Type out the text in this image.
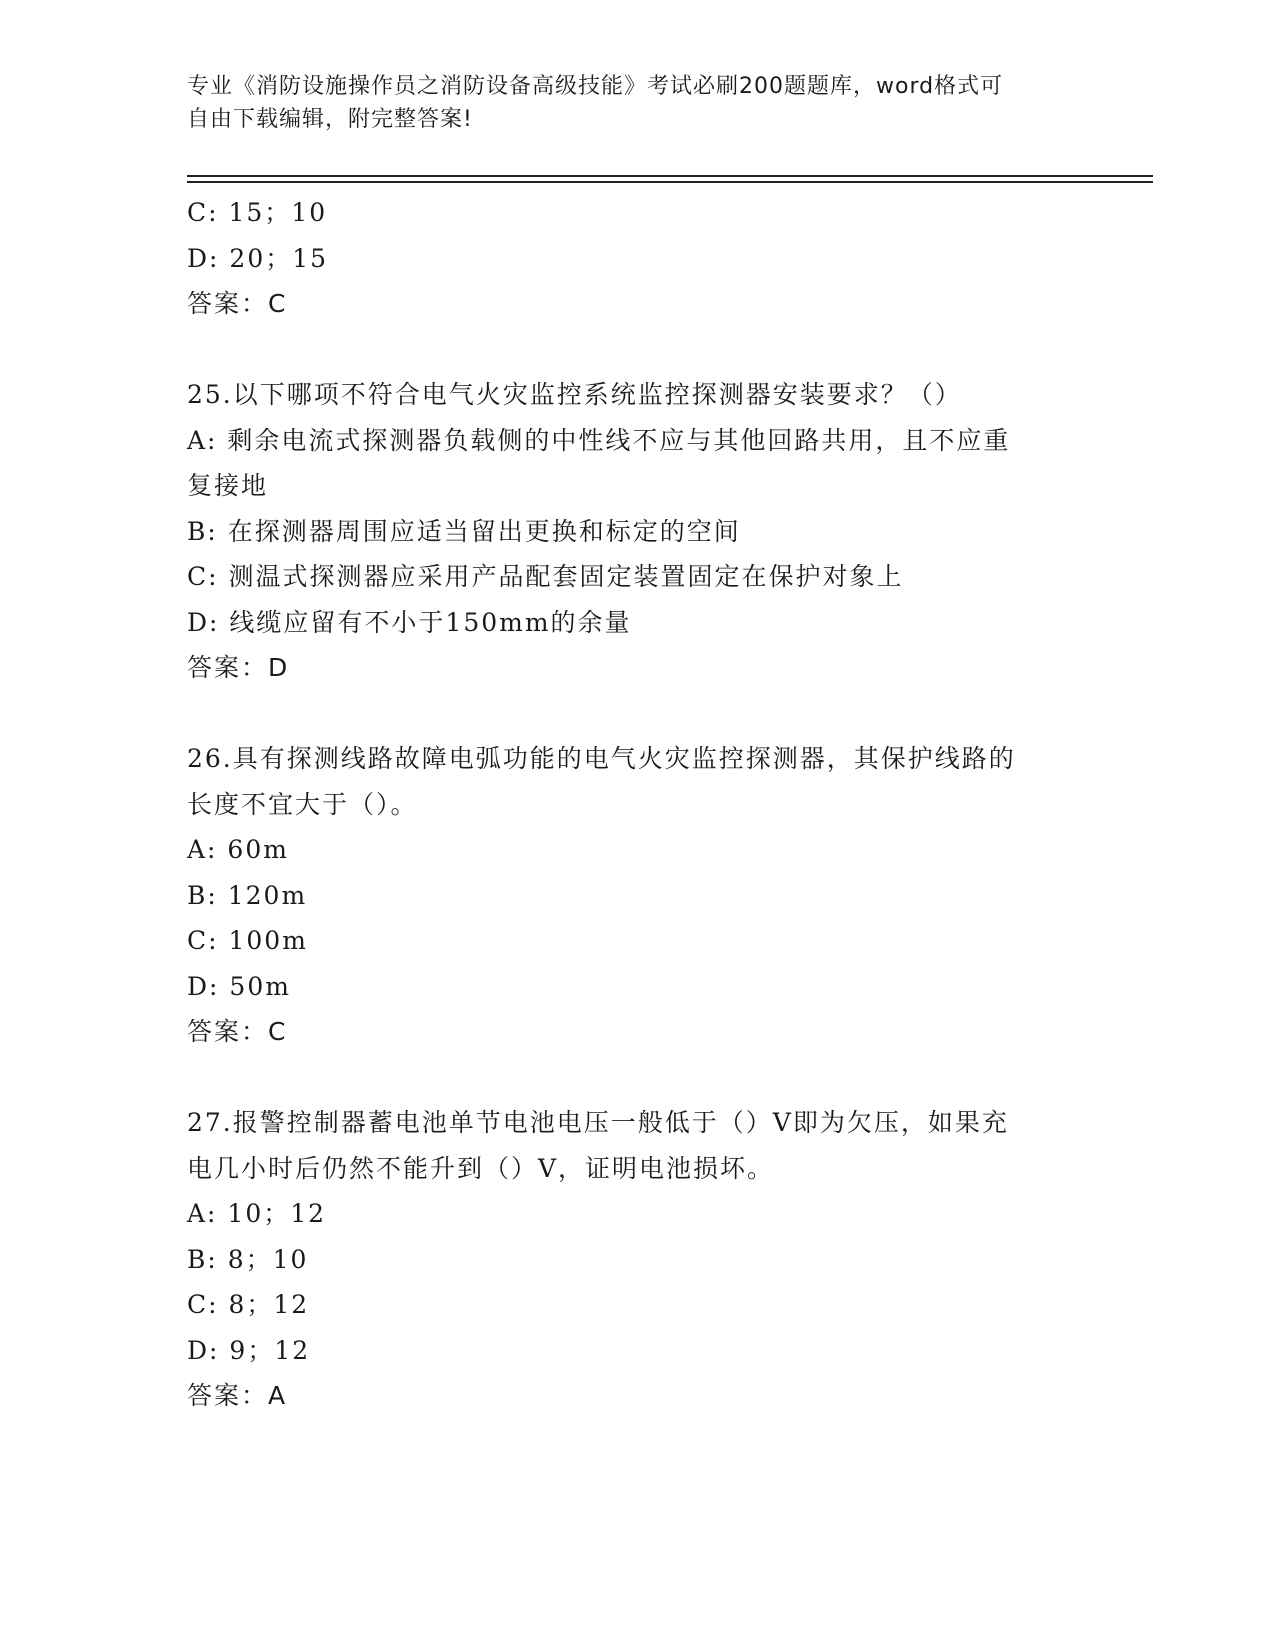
专业《消防设施操作员之消防设备高级技能》考试必刷200题题库，word格式可
自由下载编辑，附完整答案!
C: 15；10
D: 20；15
答案：C
25.以下哪项不符合电气火灾监控系统监控探测器安装要求？（）
A: 剩余电流式探测器负载侧的中性线不应与其他回路共用，且不应重
复接地
B: 在探测器周围应适当留出更换和标定的空间
C: 测温式探测器应采用产品配套固定装置固定在保护对象上
D: 线缆应留有不小于150mm的余量
答案：D
26.具有探测线路故障电弧功能的电气火灾监控探测器，其保护线路的
长度不宜大于（）。
A: 60m
B: 120m
C: 100m
D: 50m
答案：C
27.报警控制器蓄电池单节电池电压一般低于（）V即为欠压，如果充
电几小时后仍然不能升到（）V，证明电池损坏。
A: 10；12
B: 8；10
C: 8；12
D: 9；12
答案：A
